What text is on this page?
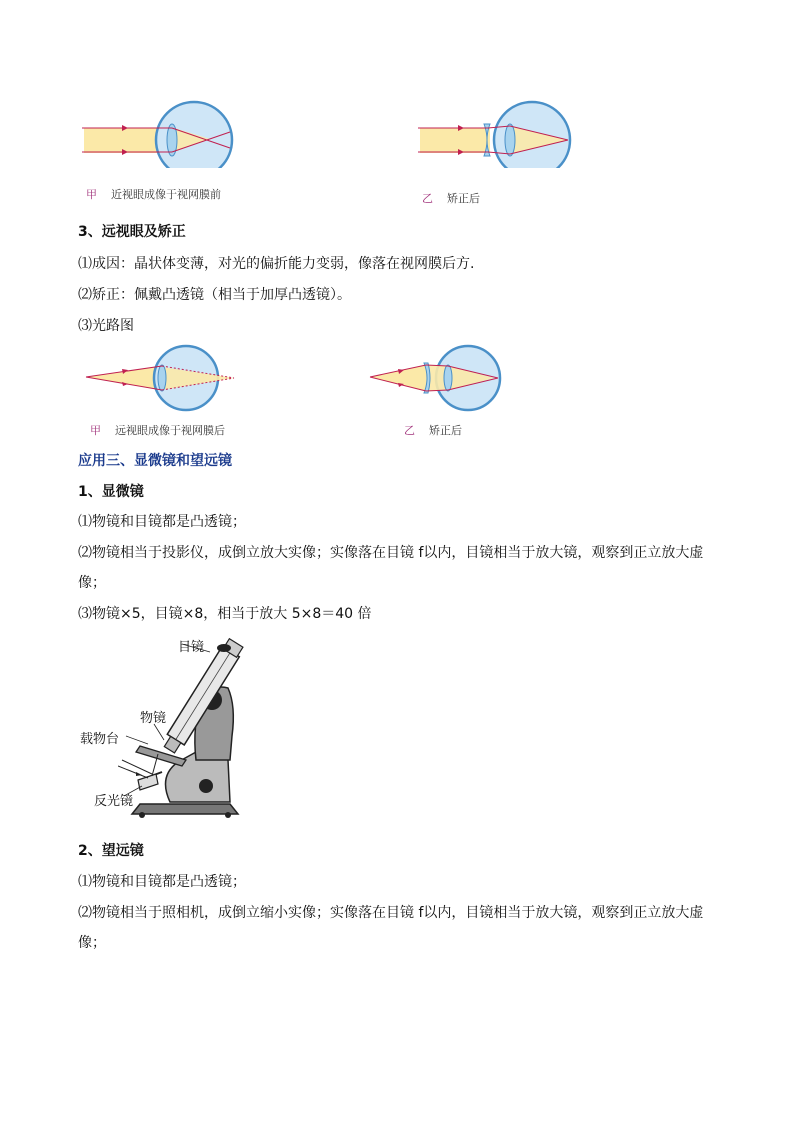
甲 近视眼成像于视网膜前	乙 矫正后
3、远视眼及矫正
⑴成因：晶状体变薄，对光的偏折能力变弱，像落在视网膜后方.
⑵矫正：佩戴凸透镜（相当于加厚凸透镜）。
⑶光路图
甲 远视眼成像于视网膜后	乙 矫正后
应用三、显微镜和望远镜
1、显微镜
⑴物镜和目镜都是凸透镜；
⑵物镜相当于投影仪，成倒立放大实像；实像落在目镜 f以内，目镜相当于放大镜，观察到正立放大虚
像；
⑶物镜×5，目镜×8，相当于放大 5×8＝40 倍
目镜
物镜
载物台
反光镜
2、望远镜
⑴物镜和目镜都是凸透镜；
⑵物镜相当于照相机，成倒立缩小实像；实像落在目镜 f以内，目镜相当于放大镜，观察到正立放大虚
像；
